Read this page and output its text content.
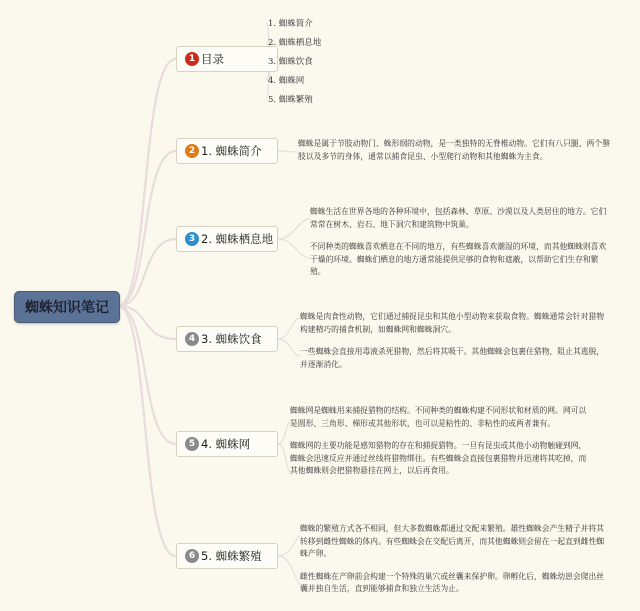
蜘蛛知识笔记
1 目录
2 1. 蜘蛛简介
3 2. 蜘蛛栖息地
4 3. 蜘蛛饮食
5 4. 蜘蛛网
6 5. 蜘蛛繁殖
1. 蜘蛛简介
2. 蜘蛛栖息地
3. 蜘蛛饮食
4. 蜘蛛网
5. 蜘蛛繁殖

蜘蛛是属于节肢动物门、蛛形纲的动物，是一类独特的无脊椎动物。它们有八只腿、两个螯肢以及多节的身体，通常以捕食昆虫、小型爬行动物和其他蜘蛛为主食。

蜘蛛生活在世界各地的各种环境中，包括森林、草原、沙漠以及人类居住的地方。它们常常在树木、岩石、地下洞穴和建筑物中筑巢。

不同种类的蜘蛛喜欢栖息在不同的地方，有些蜘蛛喜欢潮湿的环境，而其他蜘蛛则喜欢干燥的环境。蜘蛛们栖息的地方通常能提供足够的食物和遮蔽，以帮助它们生存和繁殖。

蜘蛛是肉食性动物，它们通过捕捉昆虫和其他小型动物来获取食物。蜘蛛通常会针对猎物构建精巧的捕食机制，如蜘蛛网和蜘蛛洞穴。

一些蜘蛛会直接用毒液杀死猎物，然后将其吸干。其他蜘蛛会包裹住猎物，阻止其逃脱，并逐渐消化。

蜘蛛网是蜘蛛用来捕捉猎物的结构。不同种类的蜘蛛构建不同形状和材质的网。网可以是圆形、三角形、梯形或其他形状，也可以是粘性的、非粘性的或两者兼有。

蜘蛛网的主要功能是感知猎物的存在和捕捉猎物。一旦有昆虫或其他小动物触碰到网，蜘蛛会迅速反应并通过丝线将猎物绑住。有些蜘蛛会直接包裹猎物并迅速将其吃掉，而其他蜘蛛则会把猎物悬挂在网上，以后再食用。

蜘蛛的繁殖方式各不相同，但大多数蜘蛛都通过交配来繁殖。雄性蜘蛛会产生精子并将其转移到雌性蜘蛛的体内。有些蜘蛛会在交配后离开，而其他蜘蛛则会留在一起直到雌性蜘蛛产卵。

雌性蜘蛛在产卵前会构建一个特殊的巢穴或丝囊来保护卵。卵孵化后，蜘蛛幼崽会爬出丝囊并独自生活，直到能够捕食和独立生活为止。
